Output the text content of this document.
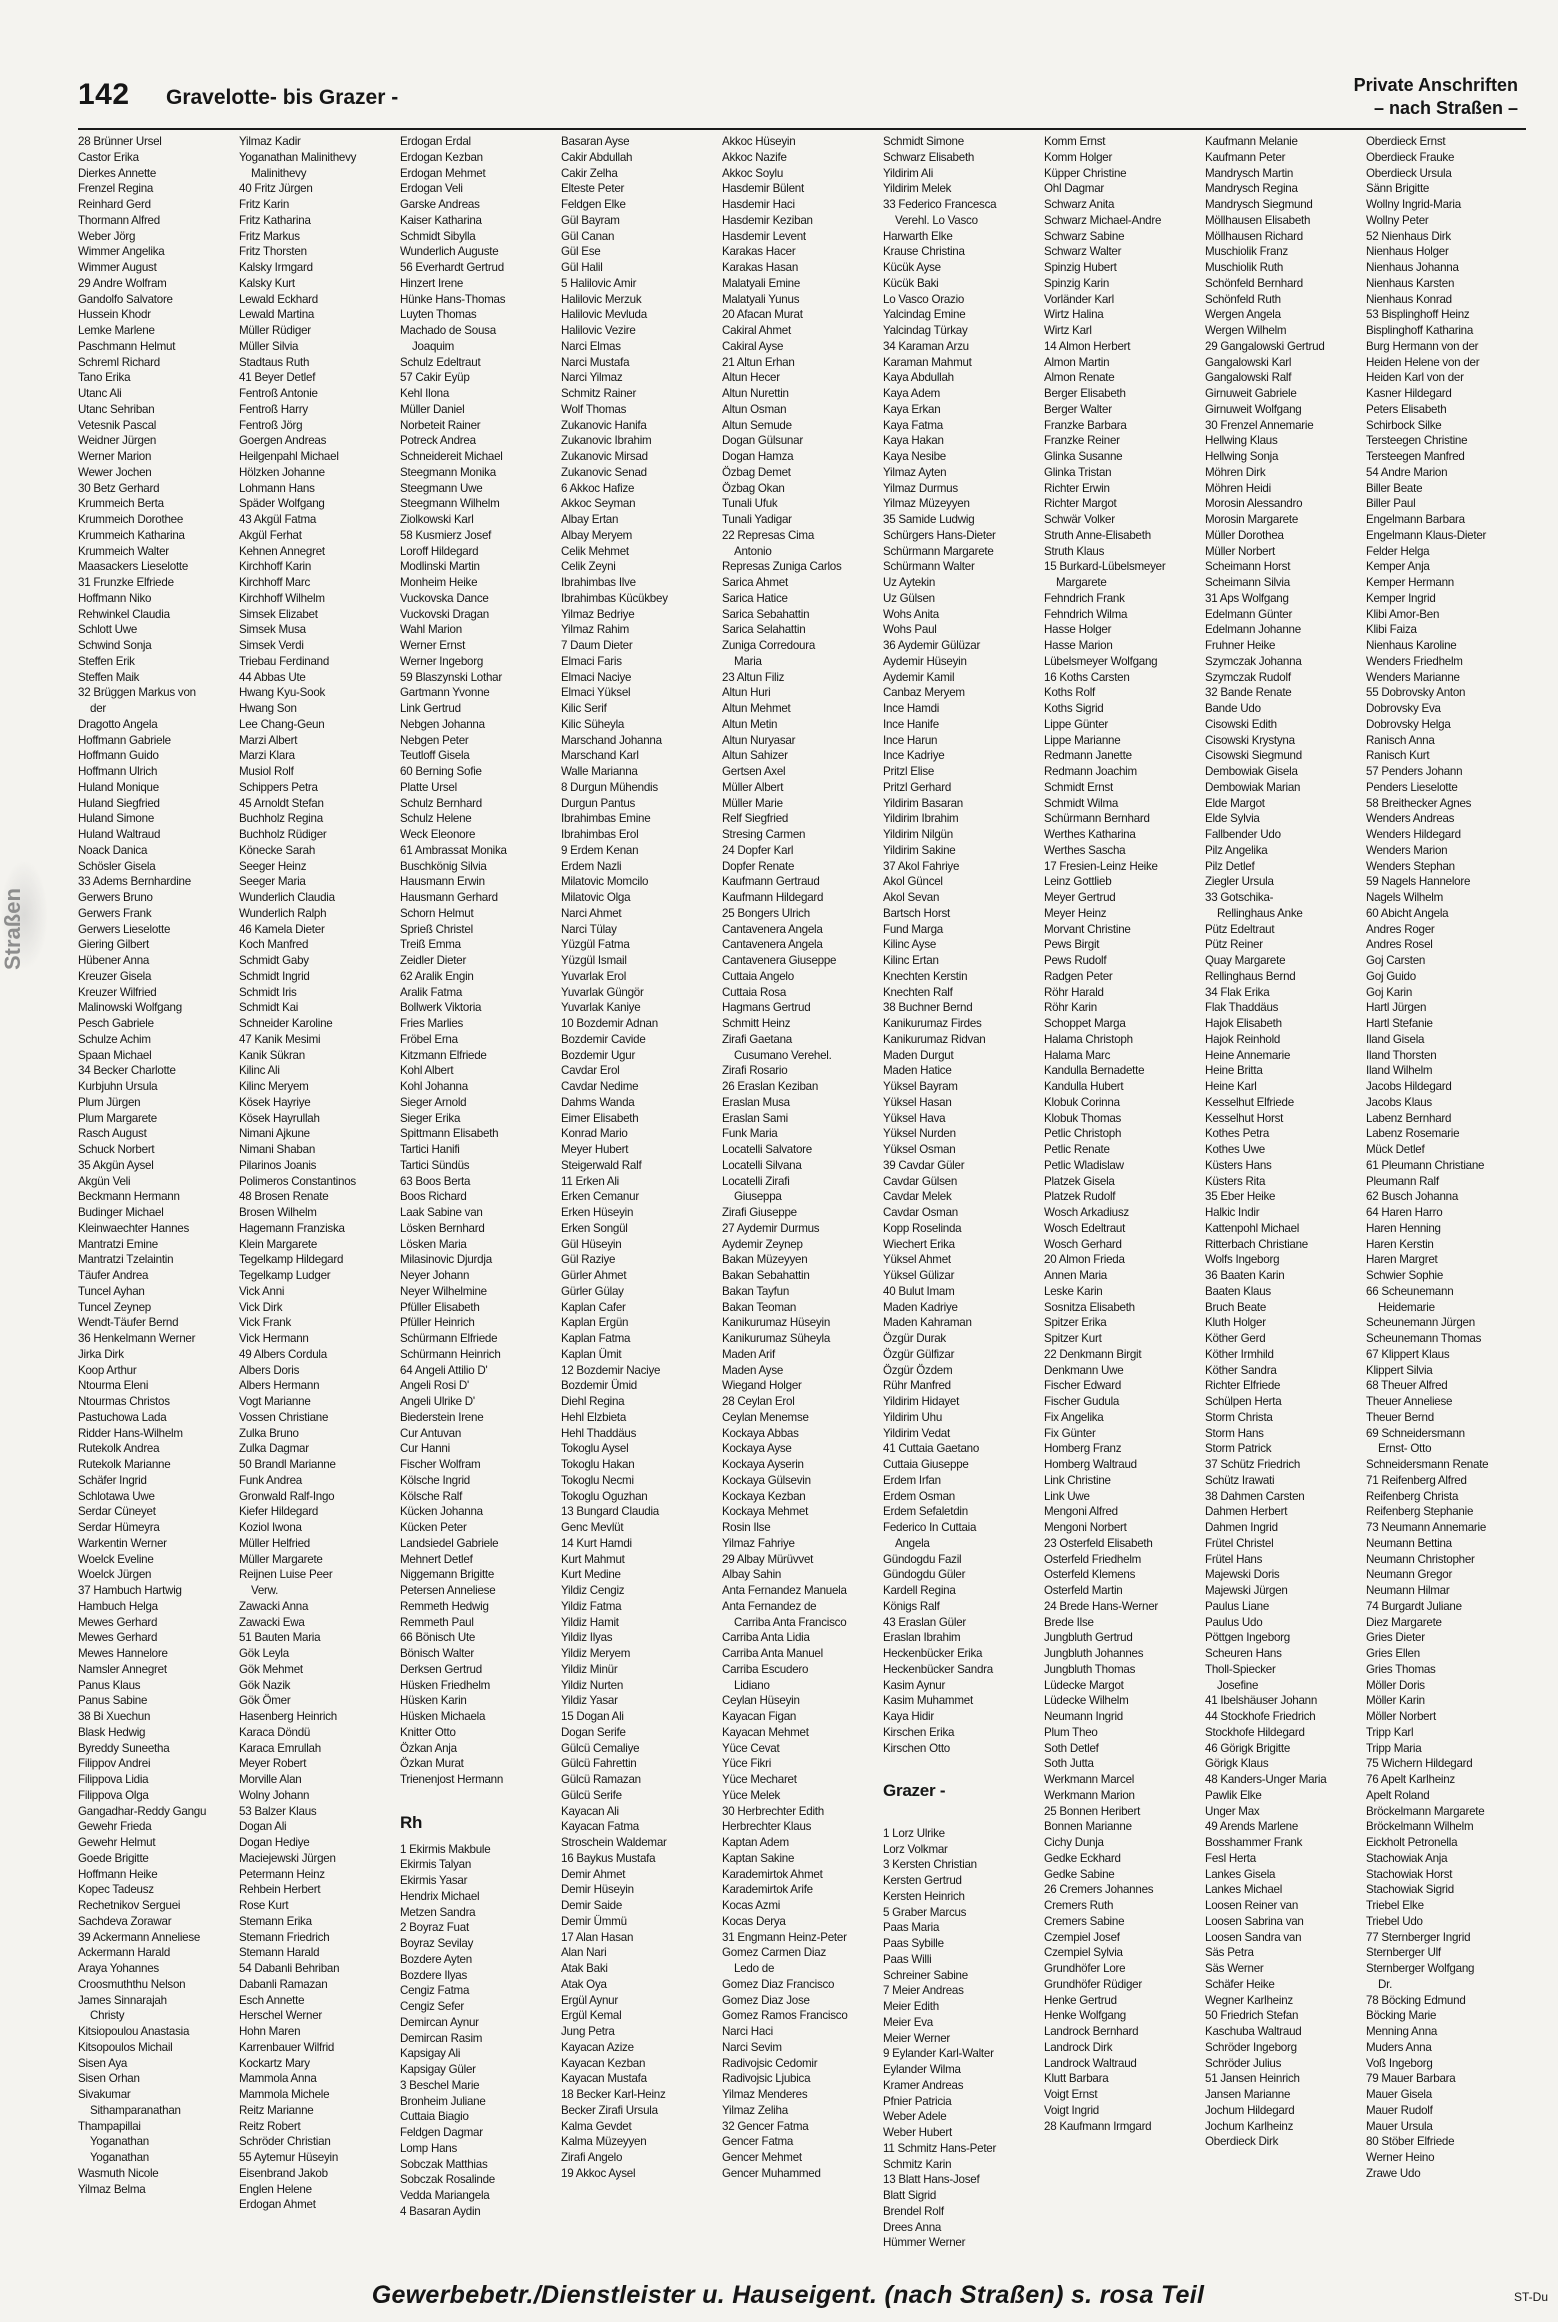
142 Gravelotte- bis Grazer -
Private Anschriften
– nach Straßen –
Straßen
28 Brünner Ursel
Castor Erika
Dierkes Annette
Frenzel Regina
Reinhard Gerd
Thormann Alfred
Weber Jörg
Wimmer Angelika
Wimmer August
29 Andre Wolfram
Gandolfo Salvatore
Hussein Khodr
Lemke Marlene
Paschmann Helmut
Schreml Richard
Tano Erika
Utanc Ali
Utanc Sehriban
Vetesnik Pascal
Weidner Jürgen
Werner Marion
Wewer Jochen
30 Betz Gerhard
Krummeich Berta
Krummeich Dorothee
Krummeich Katharina
Krummeich Walter
Maasackers Lieselotte
31 Frunzke Elfriede
Hoffmann Niko
Rehwinkel Claudia
Schlott Uwe
Schwind Sonja
Steffen Erik
Steffen Maik
32 Brüggen Markus von
der
Dragotto Angela
Hoffmann Gabriele
Hoffmann Guido
Hoffmann Ulrich
Huland Monique
Huland Siegfried
Huland Simone
Huland Waltraud
Noack Danica
Schösler Gisela
33 Adems Bernhardine
Gerwers Bruno
Gerwers Frank
Gerwers Lieselotte
Giering Gilbert
Hübener Anna
Kreuzer Gisela
Kreuzer Wilfried
Malinowski Wolfgang
Pesch Gabriele
Schulze Achim
Spaan Michael
34 Becker Charlotte
Kurbjuhn Ursula
Plum Jürgen
Plum Margarete
Rasch August
Schuck Norbert
35 Akgün Aysel
Akgün Veli
Beckmann Hermann
Budinger Michael
Kleinwaechter Hannes
Mantratzi Emine
Mantratzi Tzelaintin
Täufer Andrea
Tuncel Ayhan
Tuncel Zeynep
Wendt-Täufer Bernd
36 Henkelmann Werner
Jirka Dirk
Koop Arthur
Ntourma Eleni
Ntourmas Christos
Pastuchowa Lada
Ridder Hans-Wilhelm
Rutekolk Andrea
Rutekolk Marianne
Schäfer Ingrid
Schlotawa Uwe
Serdar Cüneyet
Serdar Hümeyra
Warkentin Werner
Woelck Eveline
Woelck Jürgen
37 Hambuch Hartwig
Hambuch Helga
Mewes Gerhard
Mewes Gerhard
Mewes Hannelore
Namsler Annegret
Panus Klaus
Panus Sabine
38 Bi Xuechun
Blask Hedwig
Byreddy Suneetha
Filippov Andrei
Filippova Lidia
Filippova Olga
Gangadhar-Reddy Gangu
Gewehr Frieda
Gewehr Helmut
Goede Brigitte
Hoffmann Heike
Kopec Tadeusz
Rechetnikov Serguei
Sachdeva Zorawar
39 Ackermann Anneliese
Ackermann Harald
Araya Yohannes
Croosmuththu Nelson
James Sinnarajah
Christy
Kitsiopoulou Anastasia
Kitsopoulos Michail
Sisen Aya
Sisen Orhan
Sivakumar
Sithamparanathan
Thampapillai
Yoganathan
Yoganathan
Wasmuth Nicole
Yilmaz Belma
Yilmaz Kadir
Yoganathan Malinithevy
Malinithevy
40 Fritz Jürgen
Fritz Karin
Fritz Katharina
Fritz Markus
Fritz Thorsten
Kalsky Irmgard
Kalsky Kurt
Lewald Eckhard
Lewald Martina
Müller Rüdiger
Müller Silvia
Stadtaus Ruth
41 Beyer Detlef
Fentroß Antonie
Fentroß Harry
Fentroß Jörg
Goergen Andreas
Heilgenpahl Michael
Hölzken Johanne
Lohmann Hans
Späder Wolfgang
43 Akgül Fatma
Akgül Ferhat
Kehnen Annegret
Kirchhoff Karin
Kirchhoff Marc
Kirchhoff Wilhelm
Simsek Elizabet
Simsek Musa
Simsek Verdi
Triebau Ferdinand
44 Abbas Ute
Hwang Kyu-Sook
Hwang Son
Lee Chang-Geun
Marzi Albert
Marzi Klara
Musiol Rolf
Schippers Petra
45 Arnoldt Stefan
Buchholz Regina
Buchholz Rüdiger
Könecke Sarah
Seeger Heinz
Seeger Maria
Wunderlich Claudia
Wunderlich Ralph
46 Kamela Dieter
Koch Manfred
Schmidt Gaby
Schmidt Ingrid
Schmidt Iris
Schmidt Kai
Schneider Karoline
47 Kanik Mesimi
Kanik Sükran
Kilinc Ali
Kilinc Meryem
Kösek Hayriye
Kösek Hayrullah
Nimani Ajkune
Nimani Shaban
Pilarinos Joanis
Polimeros Constantinos
48 Brosen Renate
Brosen Wilhelm
Hagemann Franziska
Klein Margarete
Tegelkamp Hildegard
Tegelkamp Ludger
Vick Anni
Vick Dirk
Vick Frank
Vick Hermann
49 Albers Cordula
Albers Doris
Albers Hermann
Vogt Marianne
Vossen Christiane
Zulka Bruno
Zulka Dagmar
50 Brandl Marianne
Funk Andrea
Gronwald Ralf-Ingo
Kiefer Hildegard
Koziol Iwona
Müller Helfried
Müller Margarete
Reijnen Luise Peer
Verw.
Zawacki Anna
Zawacki Ewa
51 Bauten Maria
Gök Leyla
Gök Mehmet
Gök Nazik
Gök Ömer
Hasenberg Heinrich
Karaca Döndü
Karaca Emrullah
Meyer Robert
Morville Alan
Wolny Johann
53 Balzer Klaus
Dogan Ali
Dogan Hediye
Maciejewski Jürgen
Petermann Heinz
Rehbein Herbert
Rose Kurt
Stemann Erika
Stemann Friedrich
Stemann Harald
54 Dabanli Behriban
Dabanli Ramazan
Esch Annette
Herschel Werner
Hohn Maren
Karrenbauer Wilfrid
Kockartz Mary
Mammola Anna
Mammola Michele
Reitz Marianne
Reitz Robert
Schröder Christian
55 Aytemur Hüseyin
Eisenbrand Jakob
Englen Helene
Erdogan Ahmet
Erdogan Erdal
Erdogan Kezban
Erdogan Mehmet
Erdogan Veli
Garske Andreas
Kaiser Katharina
Schmidt Sibylla
Wunderlich Auguste
56 Everhardt Gertrud
Hinzert Irene
Hünke Hans-Thomas
Luyten Thomas
Machado de Sousa
Joaquim
Schulz Edeltraut
57 Cakir Eyüp
Kehl Ilona
Müller Daniel
Norbeteit Rainer
Potreck Andrea
Schneidereit Michael
Steegmann Monika
Steegmann Uwe
Steegmann Wilhelm
Ziolkowski Karl
58 Kusmierz Josef
Loroff Hildegard
Modlinski Martin
Monheim Heike
Vuckovska Dance
Vuckovski Dragan
Wahl Marion
Werner Ernst
Werner Ingeborg
59 Blaszynski Lothar
Gartmann Yvonne
Link Gertrud
Nebgen Johanna
Nebgen Peter
Teutloff Gisela
60 Berning Sofie
Platte Ursel
Schulz Bernhard
Schulz Helene
Weck Eleonore
61 Ambrassat Monika
Buschkönig Silvia
Hausmann Erwin
Hausmann Gerhard
Schorn Helmut
Sprieß Christel
Treiß Emma
Zeidler Dieter
62 Aralik Engin
Aralik Fatma
Bollwerk Viktoria
Fries Marlies
Fröbel Erna
Kitzmann Elfriede
Kohl Albert
Kohl Johanna
Sieger Arnold
Sieger Erika
Spittmann Elisabeth
Tartici Hanifi
Tartici Sündüs
63 Boos Berta
Boos Richard
Laak Sabine van
Lösken Bernhard
Lösken Maria
Milasinovic Djurdja
Neyer Johann
Neyer Wilhelmine
Pfüller Elisabeth
Pfüller Heinrich
Schürmann Elfriede
Schürmann Heinrich
64 Angeli Attilio D'
Angeli Rosi D'
Angeli Ulrike D'
Biederstein Irene
Cur Antuvan
Cur Hanni
Fischer Wolfram
Kölsche Ingrid
Kölsche Ralf
Kücken Johanna
Kücken Peter
Landsiedel Gabriele
Mehnert Detlef
Niggemann Brigitte
Petersen Anneliese
Remmeth Hedwig
Remmeth Paul
66 Bönisch Ute
Bönisch Walter
Derksen Gertrud
Hüsken Friedhelm
Hüsken Karin
Hüsken Michaela
Knitter Otto
Özkan Anja
Özkan Murat
Trienenjost Hermann

Rh
1 Ekirmis Makbule
Ekirmis Talyan
Ekirmis Yasar
Hendrix Michael
Metzen Sandra
2 Boyraz Fuat
Boyraz Sevilay
Bozdere Ayten
Bozdere Ilyas
Cengiz Fatma
Cengiz Sefer
Demircan Aynur
Demircan Rasim
Kapsigay Ali
Kapsigay Güler
3 Beschel Marie
Bronheim Juliane
Cuttaia Biagio
Feldgen Dagmar
Lomp Hans
Sobczak Matthias
Sobczak Rosalinde
Vedda Mariangela
4 Basaran Aydin
Basaran Ayse
Cakir Abdullah
Cakir Zelha
Elteste Peter
Feldgen Elke
Gül Bayram
Gül Canan
Gül Ese
Gül Halil
5 Halilovic Amir
Halilovic Merzuk
Halilovic Mevluda
Halilovic Vezire
Narci Elmas
Narci Mustafa
Narci Yilmaz
Schmitz Rainer
Wolf Thomas
Zukanovic Hanifa
Zukanovic Ibrahim
Zukanovic Mirsad
Zukanovic Senad
6 Akkoc Hafize
Akkoc Seyman
Albay Ertan
Albay Meryem
Celik Mehmet
Celik Zeyni
Ibrahimbas Ilve
Ibrahimbas Kücükbey
Yilmaz Bedriye
Yilmaz Rahim
7 Daum Dieter
Elmaci Faris
Elmaci Naciye
Elmaci Yüksel
Kilic Serif
Kilic Süheyla
Marschand Johanna
Marschand Karl
Walle Marianna
8 Durgun Mühendis
Durgun Pantus
Ibrahimbas Emine
Ibrahimbas Erol
9 Erdem Kenan
Erdem Nazli
Milatovic Momcilo
Milatovic Olga
Narci Ahmet
Narci Tülay
Yüzgül Fatma
Yüzgül Ismail
Yuvarlak Erol
Yuvarlak Güngör
Yuvarlak Kaniye
10 Bozdemir Adnan
Bozdemir Cavide
Bozdemir Ugur
Cavdar Erol
Cavdar Nedime
Dahms Wanda
Eimer Elisabeth
Konrad Mario
Meyer Hubert
Steigerwald Ralf
11 Erken Ali
Erken Cemanur
Erken Hüseyin
Erken Songül
Gül Hüseyin
Gül Raziye
Gürler Ahmet
Gürler Gülay
Kaplan Cafer
Kaplan Ergün
Kaplan Fatma
Kaplan Ümit
12 Bozdemir Naciye
Bozdemir Ümid
Diehl Regina
Hehl Elzbieta
Hehl Thaddäus
Tokoglu Aysel
Tokoglu Hakan
Tokoglu Necmi
Tokoglu Oguzhan
13 Bungard Claudia
Genc Mevlüt
14 Kurt Hamdi
Kurt Mahmut
Kurt Medine
Yildiz Cengiz
Yildiz Fatma
Yildiz Hamit
Yildiz Ilyas
Yildiz Meryem
Yildiz Minür
Yildiz Nurten
Yildiz Yasar
15 Dogan Ali
Dogan Serife
Gülcü Cemaliye
Gülcü Fahrettin
Gülcü Ramazan
Gülcü Serife
Kayacan Ali
Kayacan Fatma
Stroschein Waldemar
16 Baykus Mustafa
Demir Ahmet
Demir Hüseyin
Demir Saide
Demir Ümmü
17 Alan Hasan
Alan Nari
Atak Baki
Atak Oya
Ergül Aynur
Ergül Kemal
Jung Petra
Kayacan Azize
Kayacan Kezban
Kayacan Mustafa
18 Becker Karl-Heinz
Becker Zirafi Ursula
Kalma Gevdet
Kalma Müzeyyen
Zirafi Angelo
19 Akkoc Aysel
Akkoc Hüseyin
Akkoc Nazife
Akkoc Soylu
Hasdemir Bülent
Hasdemir Haci
Hasdemir Keziban
Hasdemir Levent
Karakas Hacer
Karakas Hasan
Malatyali Emine
Malatyali Yunus
20 Afacan Murat
Cakiral Ahmet
Cakiral Ayse
21 Altun Erhan
Altun Hecer
Altun Nurettin
Altun Osman
Altun Semude
Dogan Gülsunar
Dogan Hamza
Özbag Demet
Özbag Okan
Tunali Ufuk
Tunali Yadigar
22 Represas Cima
Antonio
Represas Zuniga Carlos
Sarica Ahmet
Sarica Hatice
Sarica Sebahattin
Sarica Selahattin
Zuniga Corredoura
Maria
23 Altun Filiz
Altun Huri
Altun Mehmet
Altun Metin
Altun Nuryasar
Altun Sahizer
Gertsen Axel
Müller Albert
Müller Marie
Relf Siegfried
Stresing Carmen
24 Dopfer Karl
Dopfer Renate
Kaufmann Gertraud
Kaufmann Hildegard
25 Bongers Ulrich
Cantavenera Angela
Cantavenera Angela
Cantavenera Giuseppe
Cuttaia Angelo
Cuttaia Rosa
Hagmans Gertrud
Schmitt Heinz
Zirafi Gaetana
Cusumano Verehel.
Zirafi Rosario
26 Eraslan Keziban
Eraslan Musa
Eraslan Sami
Funk Maria
Locatelli Salvatore
Locatelli Silvana
Locatelli Zirafi
Giuseppa
Zirafi Giuseppe
27 Aydemir Durmus
Aydemir Zeynep
Bakan Müzeyyen
Bakan Sebahattin
Bakan Tayfun
Bakan Teoman
Kanikurumaz Hüseyin
Kanikurumaz Süheyla
Maden Arif
Maden Ayse
Wiegand Holger
28 Ceylan Erol
Ceylan Menemse
Kockaya Abbas
Kockaya Ayse
Kockaya Ayserin
Kockaya Gülsevin
Kockaya Kezban
Kockaya Mehmet
Rosin Ilse
Yilmaz Fahriye
29 Albay Mürüvvet
Albay Sahin
Anta Fernandez Manuela
Anta Fernandez de
Carriba Anta Francisco
Carriba Anta Lidia
Carriba Anta Manuel
Carriba Escudero
Lidiano
Ceylan Hüseyin
Kayacan Figan
Kayacan Mehmet
Yüce Cevat
Yüce Fikri
Yüce Mecharet
Yüce Melek
30 Herbrechter Edith
Herbrechter Klaus
Kaptan Adem
Kaptan Sakine
Karademirtok Ahmet
Karademirtok Arife
Kocas Azmi
Kocas Derya
31 Engmann Heinz-Peter
Gomez Carmen Diaz
Ledo de
Gomez Diaz Francisco
Gomez Diaz Jose
Gomez Ramos Francisco
Narci Haci
Narci Sevim
Radivojsic Cedomir
Radivojsic Ljubica
Yilmaz Menderes
Yilmaz Zeliha
32 Gencer Fatma
Gencer Fatma
Gencer Mehmet
Gencer Muhammed
Schmidt Simone
Schwarz Elisabeth
Yildirim Ali
Yildirim Melek
33 Federico Francesca
Verehl. Lo Vasco
Harwarth Elke
Krause Christina
Kücük Ayse
Kücük Baki
Lo Vasco Orazio
Yalcindag Emine
Yalcindag Türkay
34 Karaman Arzu
Karaman Mahmut
Kaya Abdullah
Kaya Adem
Kaya Erkan
Kaya Fatma
Kaya Hakan
Kaya Nesibe
Yilmaz Ayten
Yilmaz Durmus
Yilmaz Müzeyyen
35 Samide Ludwig
Schürgers Hans-Dieter
Schürmann Margarete
Schürmann Walter
Uz Aytekin
Uz Gülsen
Wohs Anita
Wohs Paul
36 Aydemir Gülüzar
Aydemir Hüseyin
Aydemir Kamil
Canbaz Meryem
Ince Hamdi
Ince Hanife
Ince Harun
Ince Kadriye
Pritzl Elise
Pritzl Gerhard
Yildirim Basaran
Yildirim Ibrahim
Yildirim Nilgün
Yildirim Sakine
37 Akol Fahriye
Akol Güncel
Akol Sevan
Bartsch Horst
Fund Marga
Kilinc Ayse
Kilinc Ertan
Knechten Kerstin
Knechten Ralf
38 Buchner Bernd
Kanikurumaz Firdes
Kanikurumaz Ridvan
Maden Durgut
Maden Hatice
Yüksel Bayram
Yüksel Hasan
Yüksel Hava
Yüksel Nurden
Yüksel Osman
39 Cavdar Güler
Cavdar Gülsen
Cavdar Melek
Cavdar Osman
Kopp Roselinda
Wiechert Erika
Yüksel Ahmet
Yüksel Gülizar
40 Bulut Imam
Maden Kadriye
Maden Kahraman
Özgür Durak
Özgür Gülfizar
Özgür Özdem
Rühr Manfred
Yildirim Hidayet
Yildirim Uhu
Yildirim Vedat
41 Cuttaia Gaetano
Cuttaia Giuseppe
Erdem Irfan
Erdem Osman
Erdem Sefaletdin
Federico In Cuttaia
Angela
Gündogdu Fazil
Gündogdu Güler
Kardell Regina
Königs Ralf
43 Eraslan Güler
Eraslan Ibrahim
Heckenbücker Erika
Heckenbücker Sandra
Kasim Aynur
Kasim Muhammet
Kaya Hidir
Kirschen Erika
Kirschen Otto

Grazer -

1 Lorz Ulrike
Lorz Volkmar
3 Kersten Christian
Kersten Gertrud
Kersten Heinrich
5 Graber Marcus
Paas Maria
Paas Sybille
Paas Willi
Schreiner Sabine
7 Meier Andreas
Meier Edith
Meier Eva
Meier Werner
9 Eylander Karl-Walter
Eylander Wilma
Kramer Andreas
Pfnier Patricia
Weber Adele
Weber Hubert
11 Schmitz Hans-Peter
Schmitz Karin
13 Blatt Hans-Josef
Blatt Sigrid
Brendel Rolf
Drees Anna
Hümmer Werner
Komm Ernst
Komm Holger
Küpper Christine
Ohl Dagmar
Schwarz Anita
Schwarz Michael-Andre
Schwarz Sabine
Schwarz Walter
Spinzig Hubert
Spinzig Karin
Vorländer Karl
Wirtz Halina
Wirtz Karl
14 Almon Herbert
Almon Martin
Almon Renate
Berger Elisabeth
Berger Walter
Franzke Barbara
Franzke Reiner
Glinka Susanne
Glinka Tristan
Richter Erwin
Richter Margot
Schwär Volker
Struth Anne-Elisabeth
Struth Klaus
15 Burkard-Lübelsmeyer
Margarete
Fehndrich Frank
Fehndrich Wilma
Hasse Holger
Hasse Marion
Lübelsmeyer Wolfgang
16 Koths Carsten
Koths Rolf
Koths Sigrid
Lippe Günter
Lippe Marianne
Redmann Janette
Redmann Joachim
Schmidt Ernst
Schmidt Wilma
Schürmann Bernhard
Werthes Katharina
Werthes Sascha
17 Fresien-Leinz Heike
Leinz Gottlieb
Meyer Gertrud
Meyer Heinz
Morvant Christine
Pews Birgit
Pews Rudolf
Radgen Peter
Röhr Harald
Röhr Karin
Schoppet Marga
Halama Christoph
Halama Marc
Kandulla Bernadette
Kandulla Hubert
Klobuk Corinna
Klobuk Thomas
Petlic Christoph
Petlic Renate
Petlic Wladislaw
Platzek Gisela
Platzek Rudolf
Wosch Arkadiusz
Wosch Edeltraut
Wosch Gerhard
20 Almon Frieda
Annen Maria
Leske Karin
Sosnitza Elisabeth
Spitzer Erika
Spitzer Kurt
22 Denkmann Birgit
Denkmann Uwe
Fischer Edward
Fischer Gudula
Fix Angelika
Fix Günter
Homberg Franz
Homberg Waltraud
Link Christine
Link Uwe
Mengoni Alfred
Mengoni Norbert
23 Osterfeld Elisabeth
Osterfeld Friedhelm
Osterfeld Klemens
Osterfeld Martin
24 Brede Hans-Werner
Brede Ilse
Jungbluth Gertrud
Jungbluth Johannes
Jungbluth Thomas
Lüdecke Margot
Lüdecke Wilhelm
Neumann Ingrid
Plum Theo
Soth Detlef
Soth Jutta
Werkmann Marcel
Werkmann Marion
25 Bonnen Heribert
Bonnen Marianne
Cichy Dunja
Gedke Eckhard
Gedke Sabine
26 Cremers Johannes
Cremers Ruth
Cremers Sabine
Czempiel Josef
Czempiel Sylvia
Grundhöfer Lore
Grundhöfer Rüdiger
Henke Gertrud
Henke Wolfgang
Landrock Bernhard
Landrock Dirk
Landrock Waltraud
Klutt Barbara
Voigt Ernst
Voigt Ingrid
28 Kaufmann Irmgard
Kaufmann Melanie
Kaufmann Peter
Mandrysch Martin
Mandrysch Regina
Mandrysch Siegmund
Möllhausen Elisabeth
Möllhausen Richard
Muschiolik Franz
Muschiolik Ruth
Schönfeld Bernhard
Schönfeld Ruth
Wergen Angela
Wergen Wilhelm
29 Gangalowski Gertrud
Gangalowski Karl
Gangalowski Ralf
Girnuweit Gabriele
Girnuweit Wolfgang
30 Frenzel Annemarie
Hellwing Klaus
Hellwing Sonja
Möhren Dirk
Möhren Heidi
Morosin Alessandro
Morosin Margarete
Müller Dorothea
Müller Norbert
Scheimann Horst
Scheimann Silvia
31 Aps Wolfgang
Edelmann Günter
Edelmann Johanne
Fruhner Heike
Szymczak Johanna
Szymczak Rudolf
32 Bande Renate
Bande Udo
Cisowski Edith
Cisowski Krystyna
Cisowski Siegmund
Dembowiak Gisela
Dembowiak Marian
Elde Margot
Elde Sylvia
Fallbender Udo
Pilz Angelika
Pilz Detlef
Ziegler Ursula
33 Gotschika-
Rellinghaus Anke
Pütz Edeltraut
Pütz Reiner
Quay Margarete
Rellinghaus Bernd
34 Flak Erika
Flak Thaddäus
Hajok Elisabeth
Hajok Reinhold
Heine Annemarie
Heine Britta
Heine Karl
Kesselhut Elfriede
Kesselhut Horst
Kothes Petra
Kothes Uwe
Küsters Hans
Küsters Rita
35 Eber Heike
Halkic Indir
Kattenpohl Michael
Ritterbach Christiane
Wolfs Ingeborg
36 Baaten Karin
Baaten Klaus
Bruch Beate
Kluth Holger
Köther Gerd
Köther Irmhild
Köther Sandra
Richter Elfriede
Schülpen Herta
Storm Christa
Storm Hans
Storm Patrick
37 Schütz Friedrich
Schütz Irawati
38 Dahmen Carsten
Dahmen Herbert
Dahmen Ingrid
Frütel Christel
Frütel Hans
Majewski Doris
Majewski Jürgen
Paulus Liane
Paulus Udo
Pöttgen Ingeborg
Scheuren Hans
Tholl-Spiecker
Josefine
41 Ibelshäuser Johann
44 Stockhofe Friedrich
Stockhofe Hildegard
46 Görigk Brigitte
Görigk Klaus
48 Kanders-Unger Maria
Pawlik Elke
Unger Max
49 Arends Marlene
Bosshammer Frank
Fesl Herta
Lankes Gisela
Lankes Michael
Loosen Reiner van
Loosen Sabrina van
Loosen Sandra van
Säs Petra
Säs Werner
Schäfer Heike
Wegner Karlheinz
50 Friedrich Stefan
Kaschuba Waltraud
Schröder Ingeborg
Schröder Julius
51 Jansen Heinrich
Jansen Marianne
Jochum Hildegard
Jochum Karlheinz
Oberdieck Dirk
Oberdieck Ernst
Oberdieck Frauke
Oberdieck Ursula
Sänn Brigitte
Wollny Ingrid-Maria
Wollny Peter
52 Nienhaus Dirk
Nienhaus Holger
Nienhaus Johanna
Nienhaus Karsten
Nienhaus Konrad
53 Bisplinghoff Heinz
Bisplinghoff Katharina
Burg Hermann von der
Heiden Helene von der
Heiden Karl von der
Kasner Hildegard
Peters Elisabeth
Schirbock Silke
Tersteegen Christine
Tersteegen Manfred
54 Andre Marion
Biller Beate
Biller Paul
Engelmann Barbara
Engelmann Klaus-Dieter
Felder Helga
Kemper Anja
Kemper Hermann
Kemper Ingrid
Klibi Amor-Ben
Klibi Faiza
Nienhaus Karoline
Wenders Friedhelm
Wenders Marianne
55 Dobrovsky Anton
Dobrovsky Eva
Dobrovsky Helga
Ranisch Anna
Ranisch Kurt
57 Penders Johann
Penders Lieselotte
58 Breithecker Agnes
Wenders Andreas
Wenders Hildegard
Wenders Marion
Wenders Stephan
59 Nagels Hannelore
Nagels Wilhelm
60 Abicht Angela
Andres Roger
Andres Rosel
Goj Carsten
Goj Guido
Goj Karin
Hartl Jürgen
Hartl Stefanie
Iland Gisela
Iland Thorsten
Iland Wilhelm
Jacobs Hildegard
Jacobs Klaus
Labenz Bernhard
Labenz Rosemarie
Mück Detlef
61 Pleumann Christiane
Pleumann Ralf
62 Busch Johanna
64 Haren Harro
Haren Henning
Haren Kerstin
Haren Margret
Schwier Sophie
66 Scheunemann
Heidemarie
Scheunemann Jürgen
Scheunemann Thomas
67 Klippert Klaus
Klippert Silvia
68 Theuer Alfred
Theuer Anneliese
Theuer Bernd
69 Schneidersmann
Ernst- Otto
Schneidersmann Renate
71 Reifenberg Alfred
Reifenberg Christa
Reifenberg Stephanie
73 Neumann Annemarie
Neumann Bettina
Neumann Christopher
Neumann Gregor
Neumann Hilmar
74 Burgardt Juliane
Diez Margarete
Gries Dieter
Gries Ellen
Gries Thomas
Möller Doris
Möller Karin
Möller Norbert
Tripp Karl
Tripp Maria
75 Wichern Hildegard
76 Apelt Karlheinz
Apelt Roland
Bröckelmann Margarete
Bröckelmann Wilhelm
Eickholt Petronella
Stachowiak Anja
Stachowiak Horst
Stachowiak Sigrid
Triebel Elke
Triebel Udo
77 Sternberger Ingrid
Sternberger Ulf
Sternberger Wolfgang
Dr.
78 Böcking Edmund
Böcking Marie
Menning Anna
Muders Anna
Voß Ingeborg
79 Mauer Barbara
Mauer Gisela
Mauer Rudolf
Mauer Ursula
80 Stöber Elfriede
Werner Heino
Zrawe Udo
Gewerbebetr./Dienstleister u. Hauseigent. (nach Straßen) s. rosa Teil	ST-Du
